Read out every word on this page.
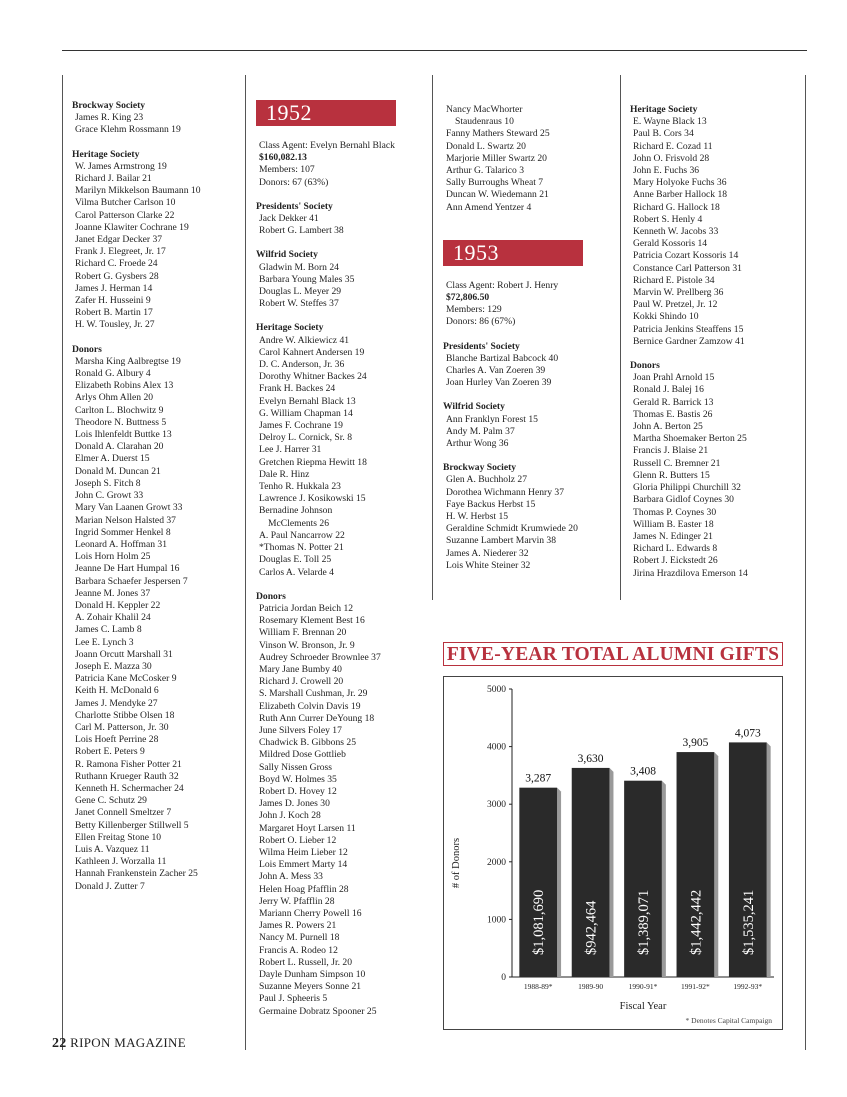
Brockway Society
James R. King 23
Grace Klehm Rossmann 19
Heritage Society
W. James Armstrong 19
Richard J. Bailar 21
Marilyn Mikkelson Baumann 10
Vilma Butcher Carlson 10
Carol Patterson Clarke 22
Joanne Klawiter Cochrane 19
Janet Edgar Decker 37
Frank J. Elegreet, Jr. 17
Richard C. Froede 24
Robert G. Gysbers 28
James J. Herman 14
Zafer H. Husseini 9
Robert B. Martin 17
H. W. Tousley, Jr. 27
Donors
Marsha King Aalbregtse 19
Ronald G. Albury 4
Elizabeth Robins Alex 13
Arlys Ohm Allen 20
Carlton L. Blochwitz 9
Theodore N. Buttness 5
Lois Ihlenfeldt Buttke 13
Donald A. Clarahan 20
Elmer A. Duerst 15
Donald M. Duncan 21
Joseph S. Fitch 8
John C. Growt 33
Mary Van Laanen Growt 33
Marian Nelson Halsted 37
Ingrid Sommer Henkel 8
Leonard A. Hoffman 31
Lois Horn Holm 25
Jeanne De Hart Humpal 16
Barbara Schaefer Jespersen 7
Jeanne M. Jones 37
Donald H. Keppler 22
A. Zohair Khalil 24
James C. Lamb 8
Lee E. Lynch 3
Joann Orcutt Marshall 31
Joseph E. Mazza 30
Patricia Kane McCosker 9
Keith H. McDonald 6
James J. Mendyke 27
Charlotte Stibbe Olsen 18
Carl M. Patterson, Jr. 30
Lois Hoeft Perrine 28
Robert E. Peters 9
R. Ramona Fisher Potter 21
Ruthann Krueger Rauth 32
Kenneth H. Schermacher 24
Gene C. Schutz 29
Janet Connell Smeltzer 7
Betty Killenberger Stillwell 5
Ellen Freitag Stone 10
Luis A. Vazquez 11
Kathleen J. Worzalla 11
Hannah Frankenstein Zacher 25
Donald J. Zutter 7
1952
Class Agent: Evelyn Bernahl Black
$160,082.13
Members: 107
Donors: 67 (63%)
Presidents' Society
Jack Dekker 41
Robert G. Lambert 38
Wilfrid Society
Gladwin M. Born 24
Barbara Young Males 35
Douglas L. Meyer 29
Robert W. Steffes 37
Heritage Society
Andre W. Alkiewicz 41
Carol Kahnert Andersen 19
D. C. Anderson, Jr. 36
Dorothy Whitner Backes 24
Frank H. Backes 24
Evelyn Bernahl Black 13
G. William Chapman 14
James F. Cochrane 19
Delroy L. Cornick, Sr. 8
Lee J. Harrer 31
Gretchen Riepma Hewitt 18
Dale R. Hinz
Tenho R. Hukkala 23
Lawrence J. Kosikowski 15
Bernadine Johnson
McClements 26
A. Paul Nancarrow 22
*Thomas N. Potter 21
Douglas E. Toll 25
Carlos A. Velarde 4
Donors
Patricia Jordan Beich 12
Rosemary Klement Best 16
William F. Brennan 20
Vinson W. Bronson, Jr. 9
Audrey Schroeder Brownlee 37
Mary Jane Bumby 40
Richard J. Crowell 20
S. Marshall Cushman, Jr. 29
Elizabeth Colvin Davis 19
Ruth Ann Currer DeYoung 18
June Silvers Foley 17
Chadwick B. Gibbons 25
Mildred Dose Gottlieb
Sally Nissen Gross
Boyd W. Holmes 35
Robert D. Hovey 12
James D. Jones 30
John J. Koch 28
Margaret Hoyt Larsen 11
Robert O. Lieber 12
Wilma Heim Lieber 12
Lois Emmert Marty 14
John A. Mess 33
Helen Hoag Pfafflin 28
Jerry W. Pfafflin 28
Mariann Cherry Powell 16
James R. Powers 21
Nancy M. Purnell 18
Francis A. Rodeo 12
Robert L. Russell, Jr. 20
Dayle Dunham Simpson 10
Suzanne Meyers Sonne 21
Paul J. Spheeris 5
Germaine Dobratz Spooner 25
Nancy MacWhorter
Staudenraus 10
Fanny Mathers Steward 25
Donald L. Swartz 20
Marjorie Miller Swartz 20
Arthur G. Talarico 3
Sally Burroughs Wheat 7
Duncan W. Wiedemann 21
Ann Amend Yentzer 4
1953
Class Agent: Robert J. Henry
$72,806.50
Members: 129
Donors: 86 (67%)
Presidents' Society
Blanche Bartizal Babcock 40
Charles A. Van Zoeren 39
Joan Hurley Van Zoeren 39
Wilfrid Society
Ann Franklyn Forest 15
Andy M. Palm 37
Arthur Wong 36
Brockway Society
Glen A. Buchholz 27
Dorothea Wichmann Henry 37
Faye Backus Herbst 15
H. W. Herbst 15
Geraldine Schmidt Krumwiede 20
Suzanne Lambert Marvin 38
James A. Niederer 32
Lois White Steiner 32
Heritage Society
E. Wayne Black 13
Paul B. Cors 34
Richard E. Cozad 11
John O. Frisvold 28
John E. Fuchs 36
Mary Holyoke Fuchs 36
Anne Barber Hallock 18
Richard G. Hallock 18
Robert S. Henly 4
Kenneth W. Jacobs 33
Gerald Kossoris 14
Patricia Cozart Kossoris 14
Constance Carl Patterson 31
Richard E. Pistole 34
Marvin W. Prellberg 36
Paul W. Pretzel, Jr. 12
Kokki Shindo 10
Patricia Jenkins Steaffens 15
Bernice Gardner Zamzow 41
Donors
Joan Prahl Arnold 15
Ronald J. Balej 16
Gerald R. Barrick 13
Thomas E. Bastis 26
John A. Berton 25
Martha Shoemaker Berton 25
Francis J. Blaise 21
Russell C. Bremner 21
Glenn R. Butters 15
Gloria Philippi Churchill 32
Barbara Gidlof Coynes 30
Thomas P. Coynes 30
William B. Easter 18
James N. Edinger 21
Richard L. Edwards 8
Robert J. Eickstedt 26
Jirina Hrazdilova Emerson 14
FIVE-YEAR TOTAL ALUMNI GIFTS
0
1000
2000
3000
4000
5000
# of Donors
3,287
$1,081,690
1988-89*
3,630
$942,464
1989-90
3,408
$1,389,071
1990-91*
3,905
$1,442,442
1991-92*
4,073
$1,535,241
1992-93*
Fiscal Year
* Denotes Capital Campaign
22 RIPON MAGAZINE
